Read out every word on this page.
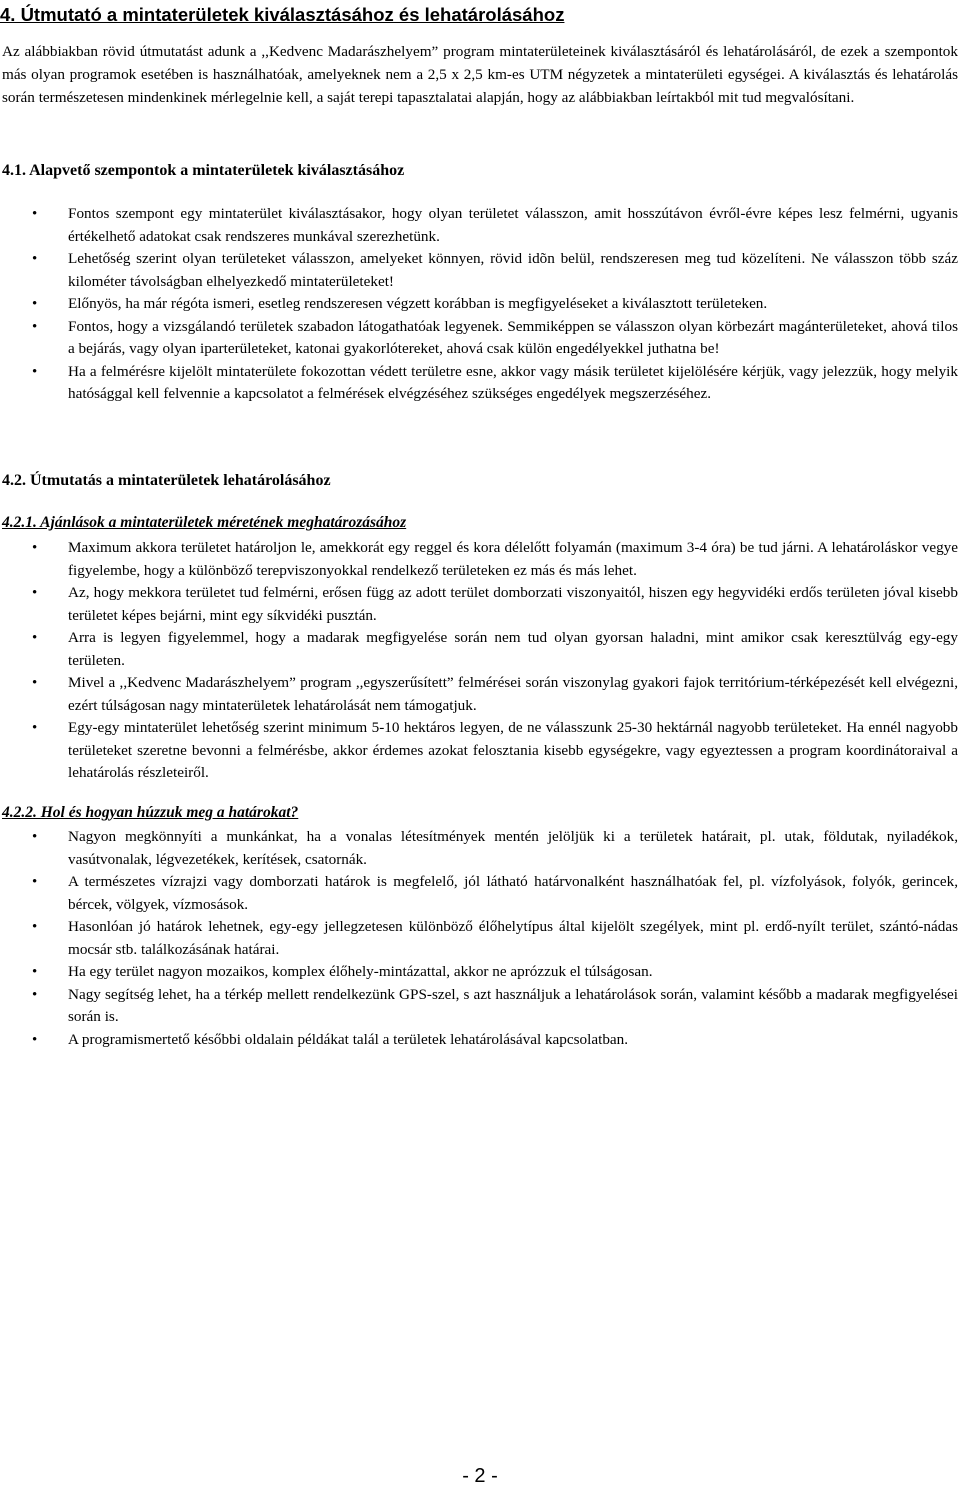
4. Útmutató a mintaterületek kiválasztásához és lehatárolásához

Az alábbiakban rövid útmutatást adunk a ,,Kedvenc Madarászhelyem” program mintaterületeinek kiválasztásáról és lehatárolásáról, de ezek a szempontok más olyan programok esetében is használhatóak, amelyeknek nem a 2,5 x 2,5 km-es UTM négyzetek a mintaterületi egységei. A kiválasztás és lehatárolás során természetesen mindenkinek mérlegelnie kell, a saját terepi tapasztalatai alapján, hogy az alábbiakban leírtakból mit tud megvalósítani.

4.1. Alapvető szempontok a mintaterületek kiválasztásához
• Fontos szempont egy mintaterület kiválasztásakor, hogy olyan területet válasszon, amit hosszútávon évről-évre képes lesz felmérni, ugyanis értékelhető adatokat csak rendszeres munkával szerezhetünk.
• Lehetőség szerint olyan területeket válasszon, amelyeket könnyen, rövid idõn belül, rendszeresen meg tud közelíteni. Ne válasszon több száz kilométer távolságban elhelyezkedő mintaterületeket!
• Előnyös, ha már régóta ismeri, esetleg rendszeresen végzett korábban is megfigyeléseket a kiválasztott területeken.
• Fontos, hogy a vizsgálandó területek szabadon látogathatóak legyenek. Semmiképpen se válasszon olyan körbezárt magánterületeket, ahová tilos a bejárás, vagy olyan iparterületeket, katonai gyakorlótereket, ahová csak külön engedélyekkel juthatna be!
• Ha a felmérésre kijelölt mintaterülete fokozottan védett területre esne, akkor vagy másik területet kijelölésére kérjük, vagy jelezzük, hogy melyik hatósággal kell felvennie a kapcsolatot a felmérések elvégzéséhez szükséges engedélyek megszerzéséhez.
4.2. Útmutatás a mintaterületek lehatárolásához
4.2.1. Ajánlások a mintaterületek méretének meghatározásához
• Maximum akkora területet határoljon le, amekkorát egy reggel és kora délelőtt folyamán (maximum 3-4 óra) be tud járni. A lehatároláskor vegye figyelembe, hogy a különböző terepviszonyokkal rendelkező területeken ez más és más lehet.
• Az, hogy mekkora területet tud felmérni, erősen függ az adott terület domborzati viszonyaitól, hiszen egy hegyvidéki erdős területen jóval kisebb területet képes bejárni, mint egy síkvidéki pusztán.
• Arra is legyen figyelemmel, hogy a madarak megfigyelése során nem tud olyan gyorsan haladni, mint amikor csak keresztülvág egy-egy területen.
• Mivel a ,,Kedvenc Madarászhelyem” program ,,egyszerűsített” felmérései során viszonylag gyakori fajok territórium-térképezését kell elvégezni, ezért túlságosan nagy mintaterületek lehatárolását nem támogatjuk.
• Egy-egy mintaterület lehetőség szerint minimum 5-10 hektáros legyen, de ne válasszunk 25-30 hektárnál nagyobb területeket. Ha ennél nagyobb területeket szeretne bevonni a felmérésbe, akkor érdemes azokat felosztania kisebb egységekre, vagy egyeztessen a program koordinátoraival a lehatárolás részleteiről.
4.2.2. Hol és hogyan húzzuk meg a határokat?
• Nagyon megkönnyíti a munkánkat, ha a vonalas létesítmények mentén jelöljük ki a területek határait, pl. utak, földutak, nyiladékok, vasútvonalak, légvezetékek, kerítések, csatornák.
• A természetes vízrajzi vagy domborzati határok is megfelelő, jól látható határvonalként használhatóak fel, pl. vízfolyások, folyók, gerincek, bércek, völgyek, vízmosások.
• Hasonlóan jó határok lehetnek, egy-egy jellegzetesen különböző élőhelytípus által kijelölt szegélyek, mint pl. erdő-nyílt terület, szántó-nádas mocsár stb. találkozásának határai.
• Ha egy terület nagyon mozaikos, komplex élőhely-mintázattal, akkor ne aprózzuk el túlságosan.
• Nagy segítség lehet, ha a térkép mellett rendelkezünk GPS-szel, s azt használjuk a lehatárolások során, valamint később a madarak megfigyelései során is.
• A programismertető későbbi oldalain példákat talál a területek lehatárolásával kapcsolatban.
- 2 -
